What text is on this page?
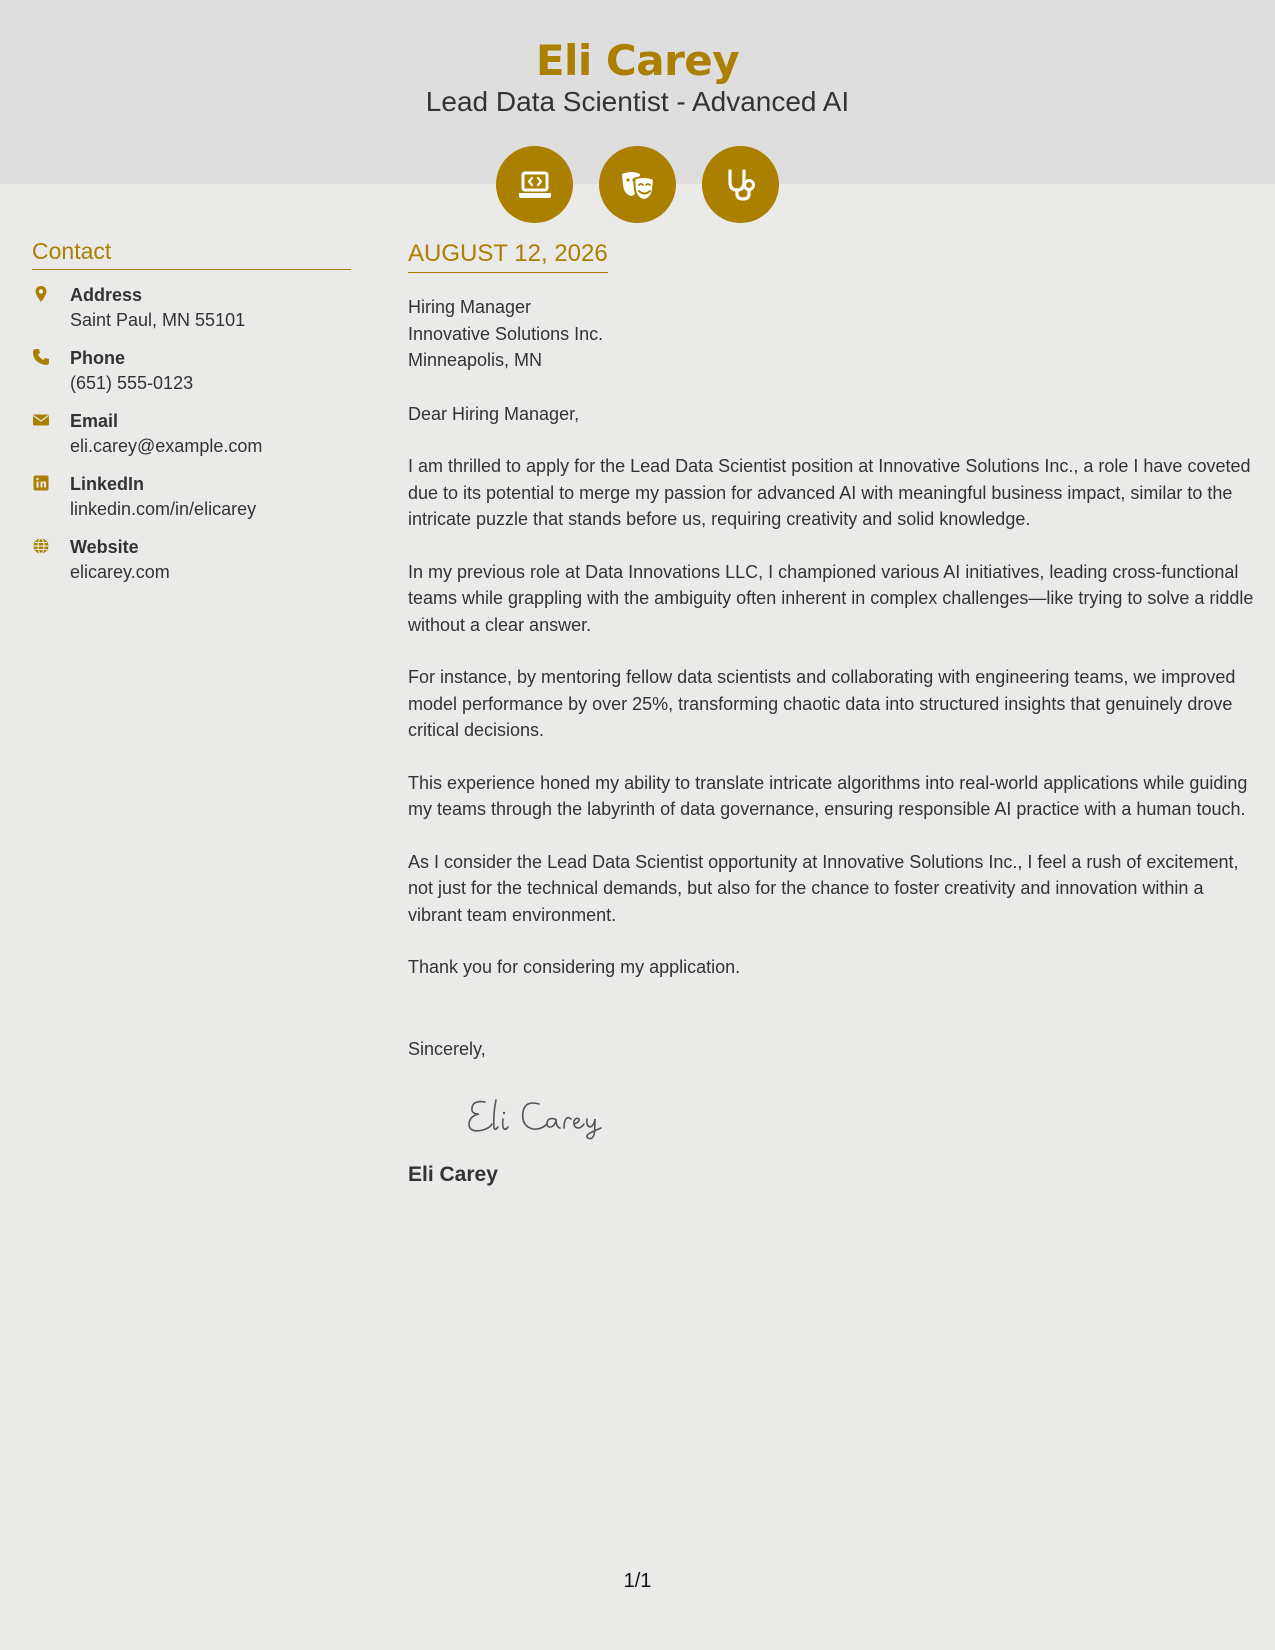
Eli Carey
Lead Data Scientist - Advanced AI
Contact
Address
Saint Paul, MN 55101
Phone
(651) 555-0123
Email
eli.carey@example.com
LinkedIn
linkedin.com/in/elicarey
Website
elicarey.com
AUGUST 12, 2026
Hiring Manager
Innovative Solutions Inc.
Minneapolis, MN
Dear Hiring Manager,

I am thrilled to apply for the Lead Data Scientist position at Innovative Solutions Inc., a role I have coveted due to its potential to merge my passion for advanced AI with meaningful business impact, similar to the intricate puzzle that stands before us, requiring creativity and solid knowledge.

In my previous role at Data Innovations LLC, I championed various AI initiatives, leading cross-functional teams while grappling with the ambiguity often inherent in complex challenges—like trying to solve a riddle without a clear answer.

For instance, by mentoring fellow data scientists and collaborating with engineering teams, we improved model performance by over 25%, transforming chaotic data into structured insights that genuinely drove critical decisions.

This experience honed my ability to translate intricate algorithms into real-world applications while guiding my teams through the labyrinth of data governance, ensuring responsible AI practice with a human touch.

As I consider the Lead Data Scientist opportunity at Innovative Solutions Inc., I feel a rush of excitement, not just for the technical demands, but also for the chance to foster creativity and innovation within a vibrant team environment.

Thank you for considering my application.

Sincerely,
Eli Carey
1/1
